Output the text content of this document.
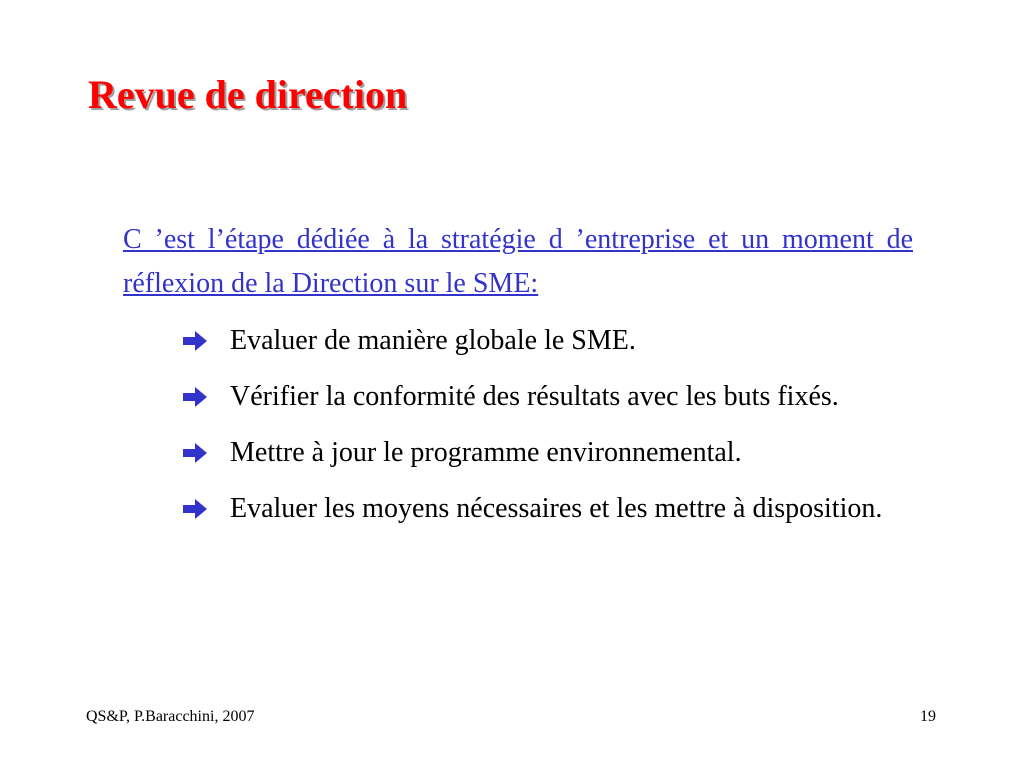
Revue de direction
C ’est l’étape dédiée à la stratégie d ’entreprise et un moment de réflexion de la Direction sur le SME:
Evaluer de manière globale le SME.
Vérifier la conformité des résultats avec les buts fixés.
Mettre à jour le programme environnemental.
Evaluer les moyens nécessaires et les mettre à disposition.
QS&P, P.Baracchini, 2007	19
